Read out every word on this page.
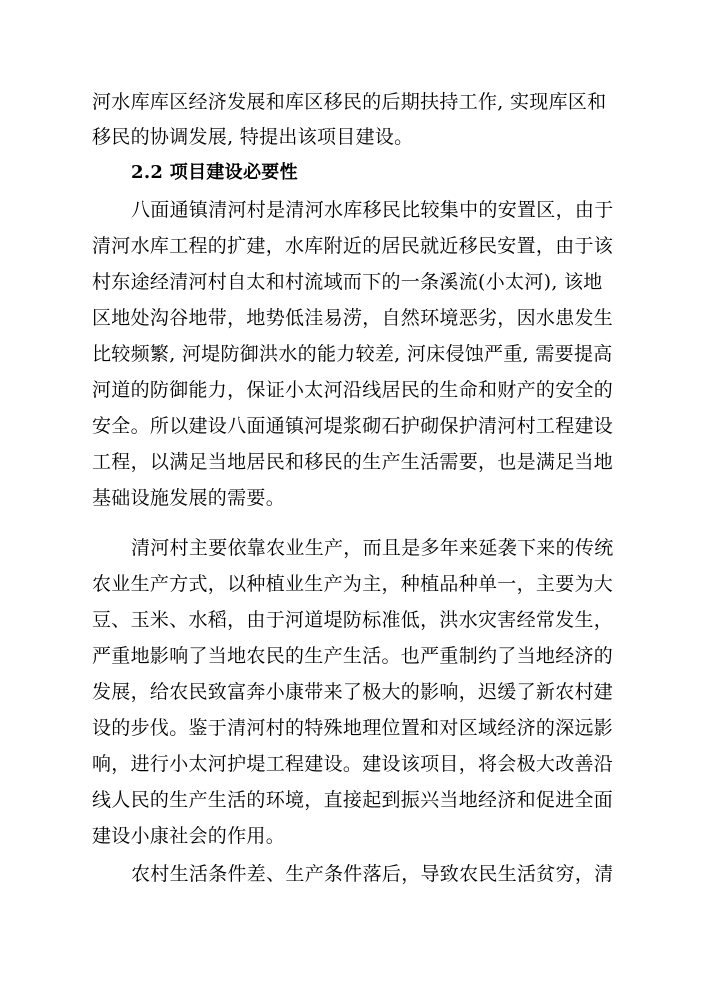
河水库库区经济发展和库区移民的后期扶持工作, 实现库区和
移民的协调发展, 特提出该项目建设。
2.2 项目建设必要性
八面通镇清河村是清河水库移民比较集中的安置区，由于
清河水库工程的扩建，水库附近的居民就近移民安置，由于该
村东途经清河村自太和村流域而下的一条溪流(小太河), 该地
区地处沟谷地带，地势低洼易涝，自然环境恶劣，因水患发生
比较频繁, 河堤防御洪水的能力较差, 河床侵蚀严重, 需要提高
河道的防御能力，保证小太河沿线居民的生命和财产的安全的
安全。所以建设八面通镇河堤浆砌石护砌保护清河村工程建设
工程，以满足当地居民和移民的生产生活需要，也是满足当地
基础设施发展的需要。
清河村主要依靠农业生产，而且是多年来延袭下来的传统
农业生产方式，以种植业生产为主，种植品种单一，主要为大
豆、玉米、水稻，由于河道堤防标准低，洪水灾害经常发生，
严重地影响了当地农民的生产生活。也严重制约了当地经济的
发展，给农民致富奔小康带来了极大的影响，迟缓了新农村建
设的步伐。鉴于清河村的特殊地理位置和对区域经济的深远影
响，进行小太河护堤工程建设。建设该项目，将会极大改善沿
线人民的生产生活的环境，直接起到振兴当地经济和促进全面
建设小康社会的作用。
农村生活条件差、生产条件落后，导致农民生活贫穷，清
